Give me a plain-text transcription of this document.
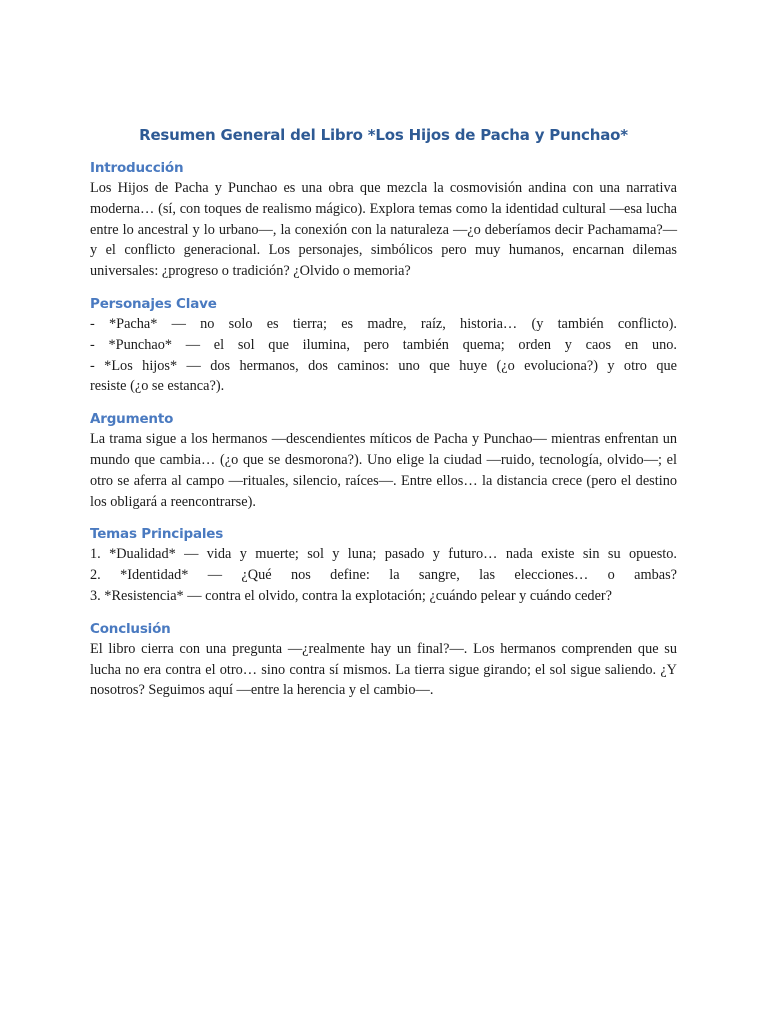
Resumen General del Libro *Los Hijos de Pacha y Punchao*
Introducción

Los Hijos de Pacha y Punchao es una obra que mezcla la cosmovisión andina con una narrativa moderna… (sí, con toques de realismo mágico). Explora temas como la identidad cultural —esa lucha entre lo ancestral y lo urbano—, la conexión con la naturaleza —¿o deberíamos decir Pachamama?— y el conflicto generacional. Los personajes, simbólicos pero muy humanos, encarnan dilemas universales: ¿progreso o tradición? ¿Olvido o memoria?

Personajes Clave

- *Pacha* — no solo es tierra; es madre, raíz, historia… (y también conflicto).

- *Punchao* — el sol que ilumina, pero también quema; orden y caos en uno.

- *Los hijos* — dos hermanos, dos caminos: uno que huye (¿o evoluciona?) y otro que

resiste (¿o se estanca?).

Argumento

La trama sigue a los hermanos —descendientes míticos de Pacha y Punchao— mientras enfrentan un mundo que cambia… (¿o que se desmorona?). Uno elige la ciudad —ruido, tecnología, olvido—; el otro se aferra al campo —rituales, silencio, raíces—. Entre ellos… la distancia crece (pero el destino los obligará a reencontrarse).

Temas Principales

1. *Dualidad* — vida y muerte; sol y luna; pasado y futuro… nada existe sin su opuesto.

2. *Identidad* — ¿Qué nos define: la sangre, las elecciones… o ambas?

3. *Resistencia* — contra el olvido, contra la explotación; ¿cuándo pelear y cuándo ceder?

Conclusión

El libro cierra con una pregunta —¿realmente hay un final?—. Los hermanos comprenden que su lucha no era contra el otro… sino contra sí mismos. La tierra sigue girando; el sol sigue saliendo. ¿Y nosotros? Seguimos aquí —entre la herencia y el cambio—.
